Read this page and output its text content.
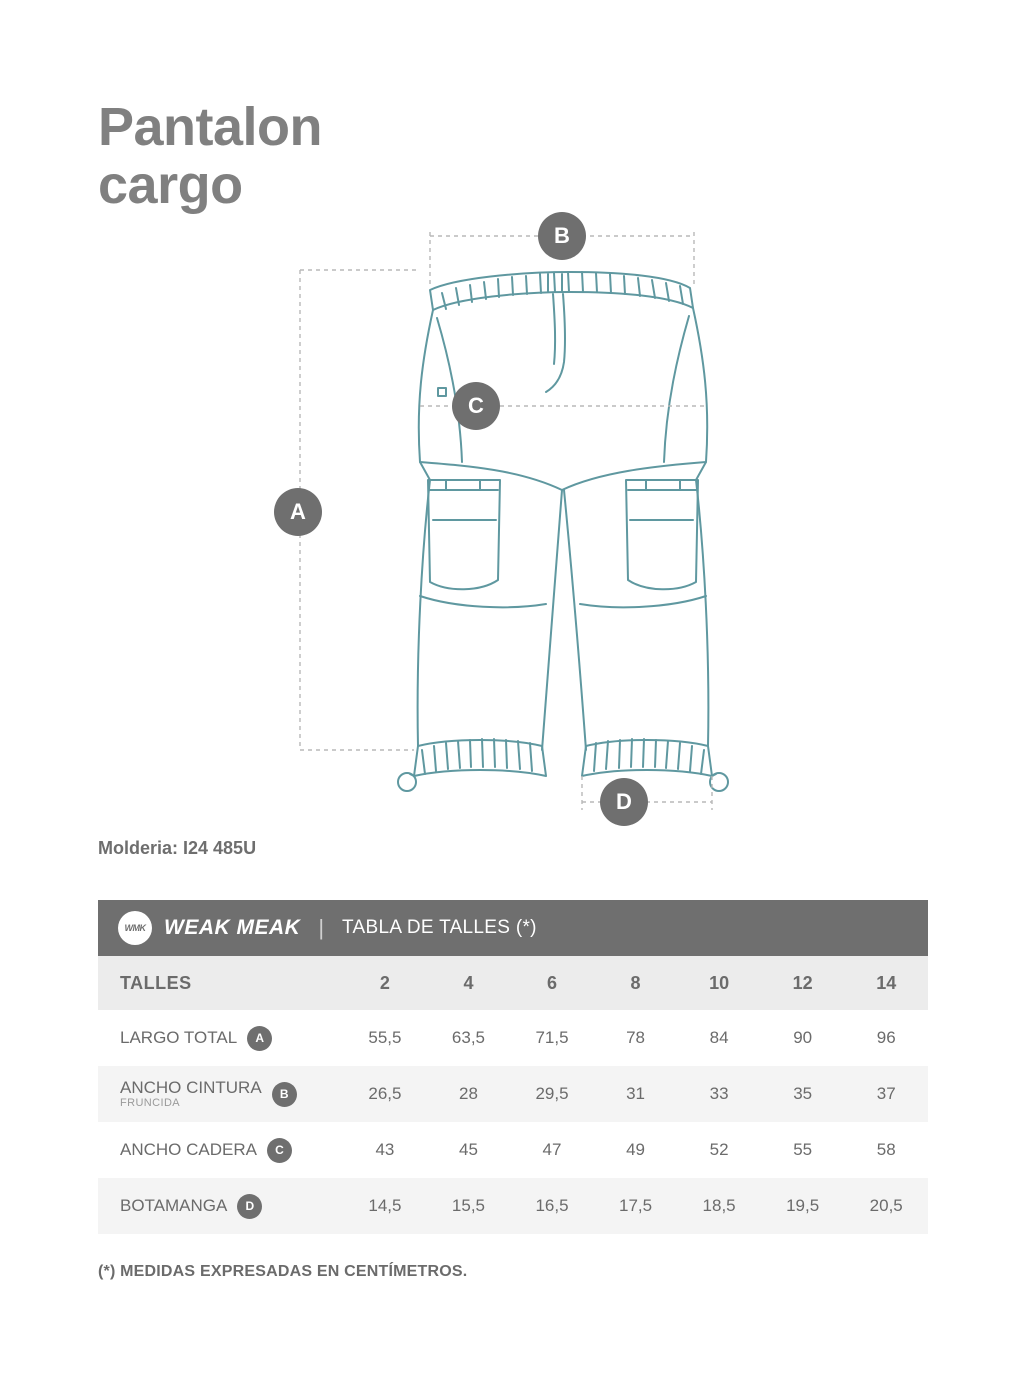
Pantalon
cargo
A
B
C
D
Molderia: I24 485U
WMK WEAK MEAK | TABLA DE TALLES (*)							

TALLES	2	4	6	8	10	12	14

LARGO TOTAL A	55,5	63,5	71,5	78	84	90	96

ANCHO CINTURA
FRUNCIDA
B	26,5	28	29,5	31	33	35	37

ANCHO CADERA C	43	45	47	49	52	55	58

BOTAMANGA D	14,5	15,5	16,5	17,5	18,5	19,5	20,5
(*) MEDIDAS EXPRESADAS EN CENTÍMETROS.
